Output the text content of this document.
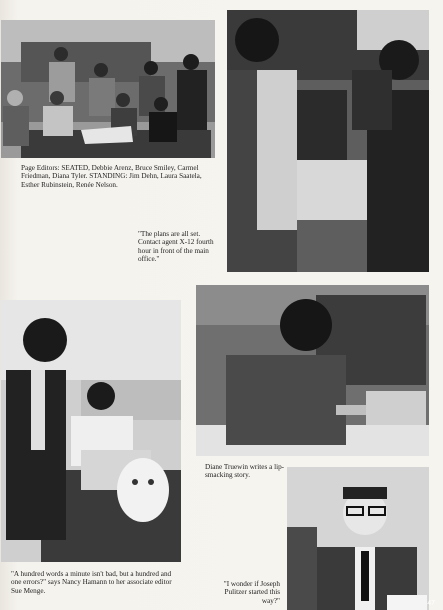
Page Editors: SEATED, Debbie Arenz, Bruce Smiley, Carmel Friedman, Diana Tyler. STANDING: Jim Dehn, Laura Saatela, Esther Rubinstein, Renée Nelson.

"The plans are all set. Contact agent X-12 fourth hour in front of the main office."

Diane Truewin writes a lip-smacking story.

"A hundred words a minute isn't bad, but a hundred and one errors?" says Nancy Hamann to her associate editor Sue Menge.

"I wonder if Joseph Pulitzer started this way?"	47
